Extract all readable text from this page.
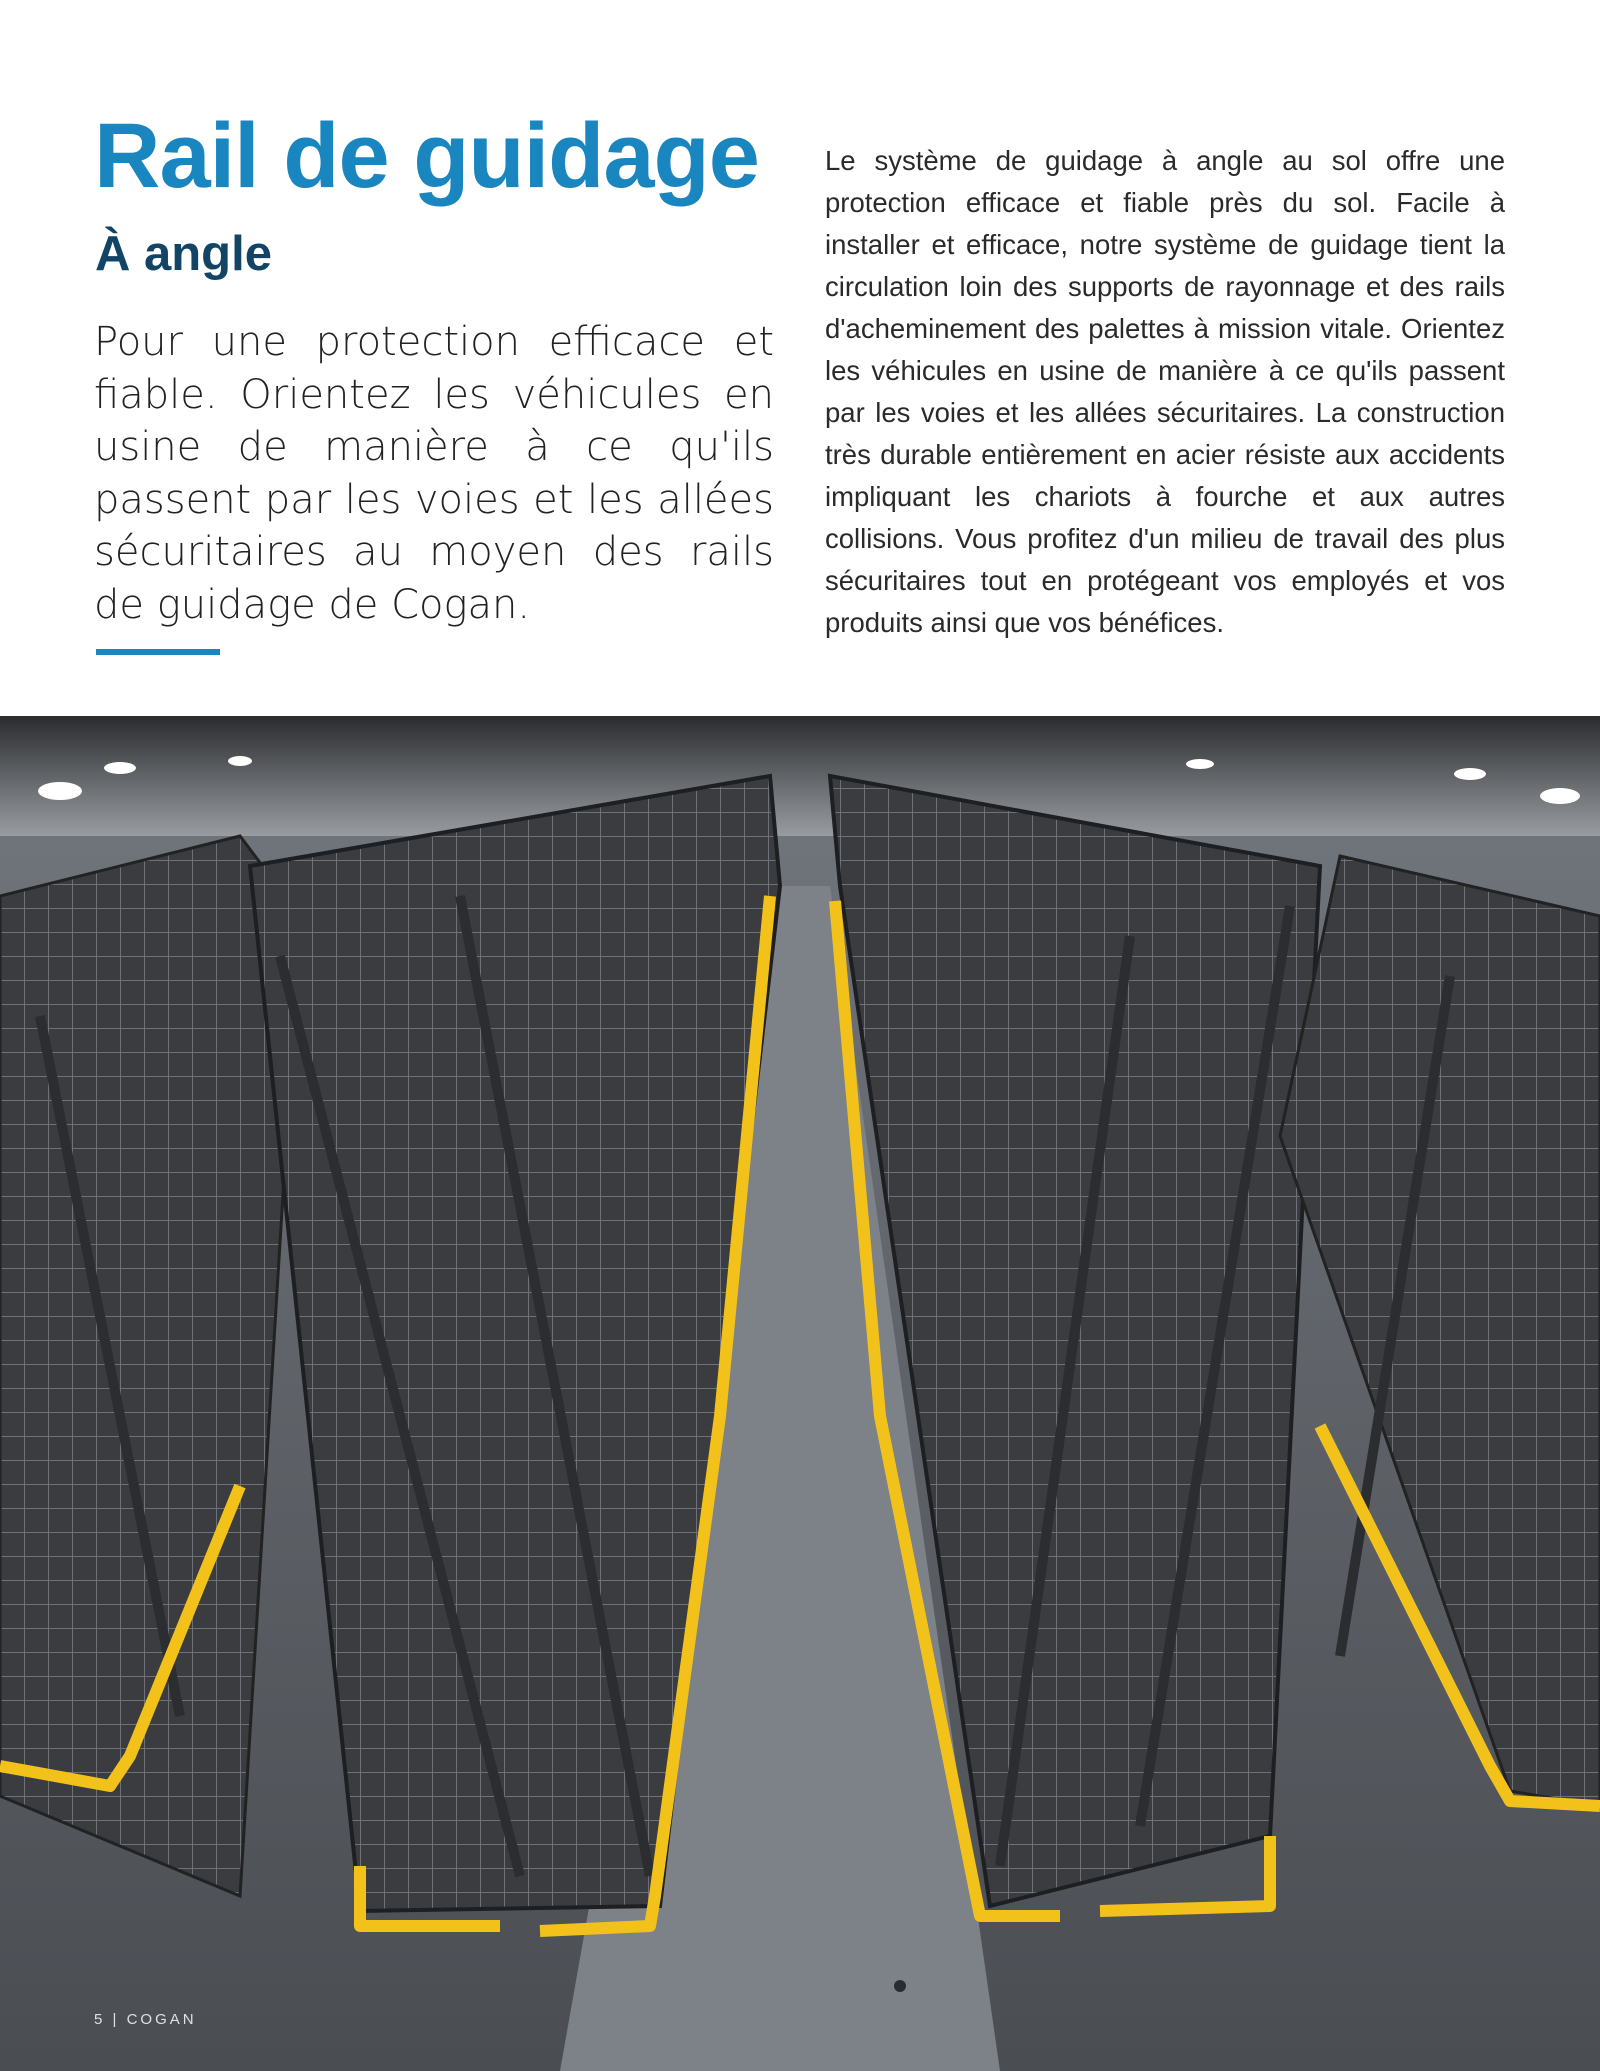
Rail de guidage
À angle

Pour une protection efficace et fiable. Orientez les véhicules en usine de manière à ce qu'ils passent par les voies et les allées sécuritaires au moyen des rails de guidage de Cogan.

Le système de guidage à angle au sol offre une protection efficace et fiable près du sol. Facile à installer et efficace, notre système de guidage tient la circulation loin des supports de rayonnage et des rails d'acheminement des palettes à mission vitale. Orientez les véhicules en usine de manière à ce qu'ils passent par les voies et les allées sécuritaires. La construction très durable entièrement en acier résiste aux accidents impliquant les chariots à fourche et aux autres collisions. Vous profitez d'un milieu de travail des plus sécuritaires tout en protégeant vos employés et vos produits ainsi que vos bénéfices.

5 | COGAN
